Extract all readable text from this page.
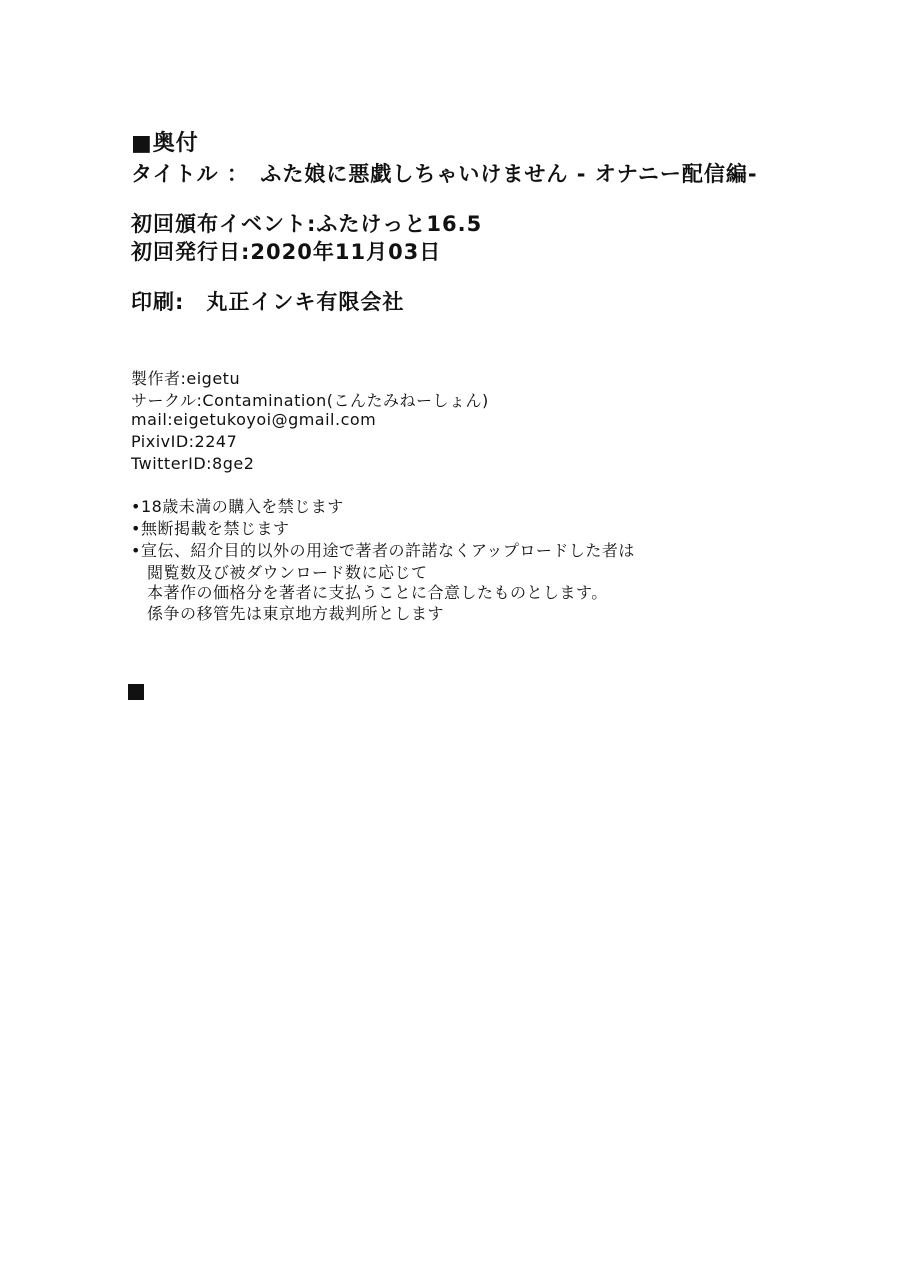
■奥付
タイトル ：　ふた娘に悪戯しちゃいけません - オナニー配信編-
初回頒布イベント:ふたけっと16.5
初回発行日:2020年11月03日
印刷:　丸正インキ有限会社
製作者:eigetu
サークル:Contamination(こんたみねーしょん)
mail:eigetukoyoi@gmail.com
PixivID:2247
TwitterID:8ge2
•18歳未満の購入を禁じます
•無断掲載を禁じます
•宣伝、紹介目的以外の用途で著者の許諾なくアップロードした者は
閲覧数及び被ダウンロード数に応じて
本著作の価格分を著者に支払うことに合意したものとします。
係争の移管先は東京地方裁判所とします
